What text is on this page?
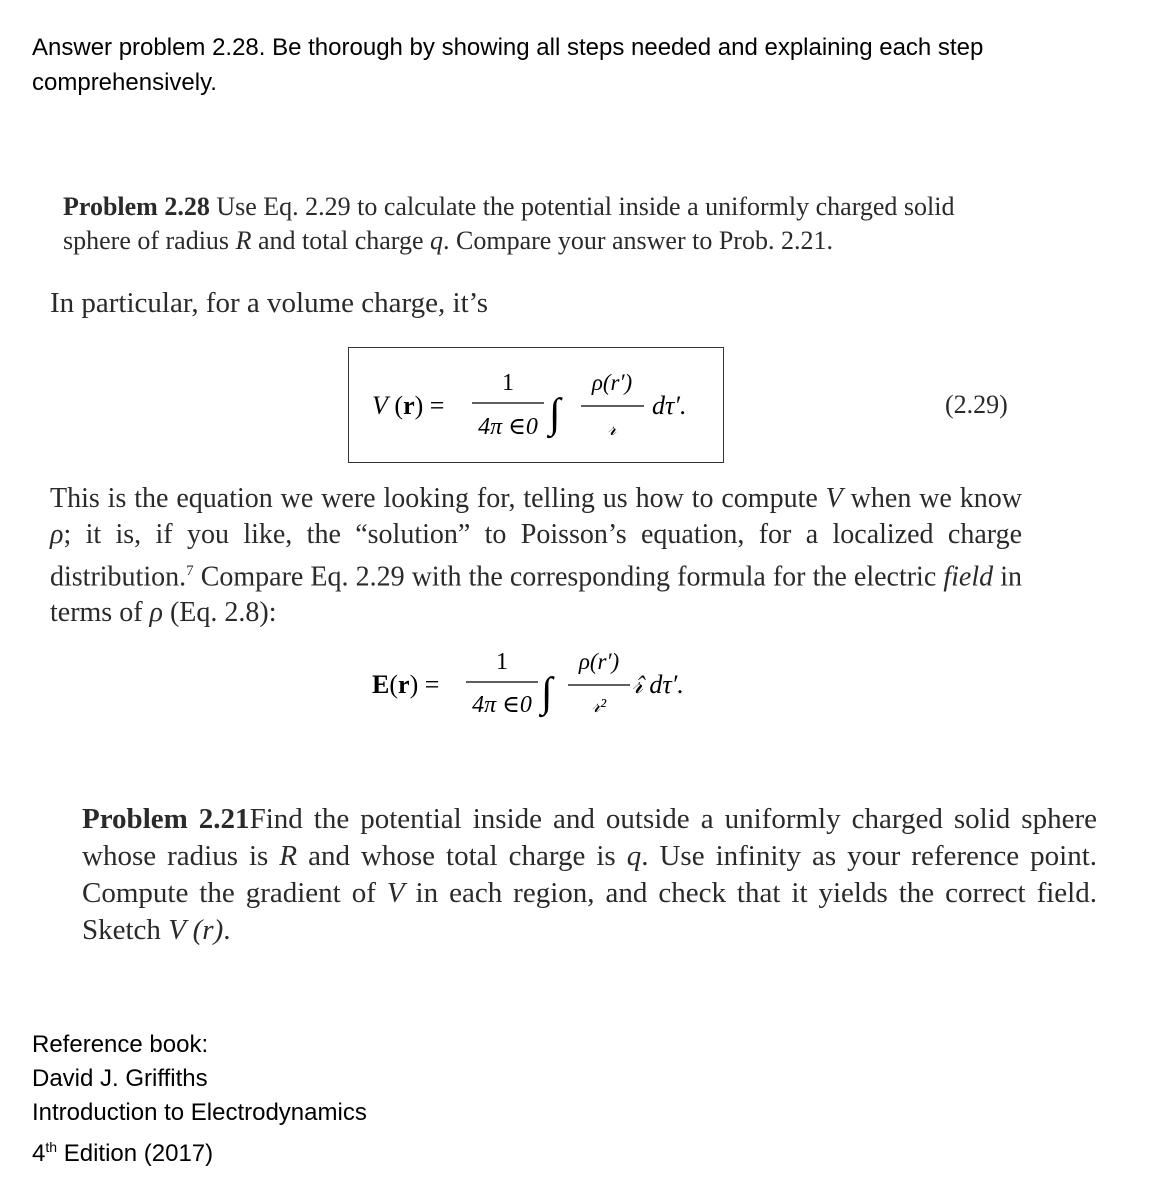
Answer problem 2.28. Be thorough by showing all steps needed and explaining each step comprehensively.
Problem 2.28 Use Eq. 2.29 to calculate the potential inside a uniformly charged solid sphere of radius R and total charge q. Compare your answer to Prob. 2.21.
In particular, for a volume charge, it’s
V (r) =
1
4π ∈0 ∫
ρ(r′)
𝓇
dτ′.	(2.29)
This is the equation we were looking for, telling us how to compute V when we know ρ; it is, if you like, the “solution” to Poisson’s equation, for a localized charge distribution.$^7$ Compare Eq. 2.29 with the corresponding formula for the electric field in terms of ρ (Eq. 2.8):
E(r) =
1
4π ∈0 ∫
ρ(r′)
𝓇²
𝓇̂ dτ′.
Problem 2.21Find the potential inside and outside a uniformly charged solid sphere whose radius is R and whose total charge is q. Use infinity as your reference point. Compute the gradient of V in each region, and check that it yields the correct field. Sketch V (r).
Reference book:
David J. Griffiths
Introduction to Electrodynamics
4th Edition (2017)
